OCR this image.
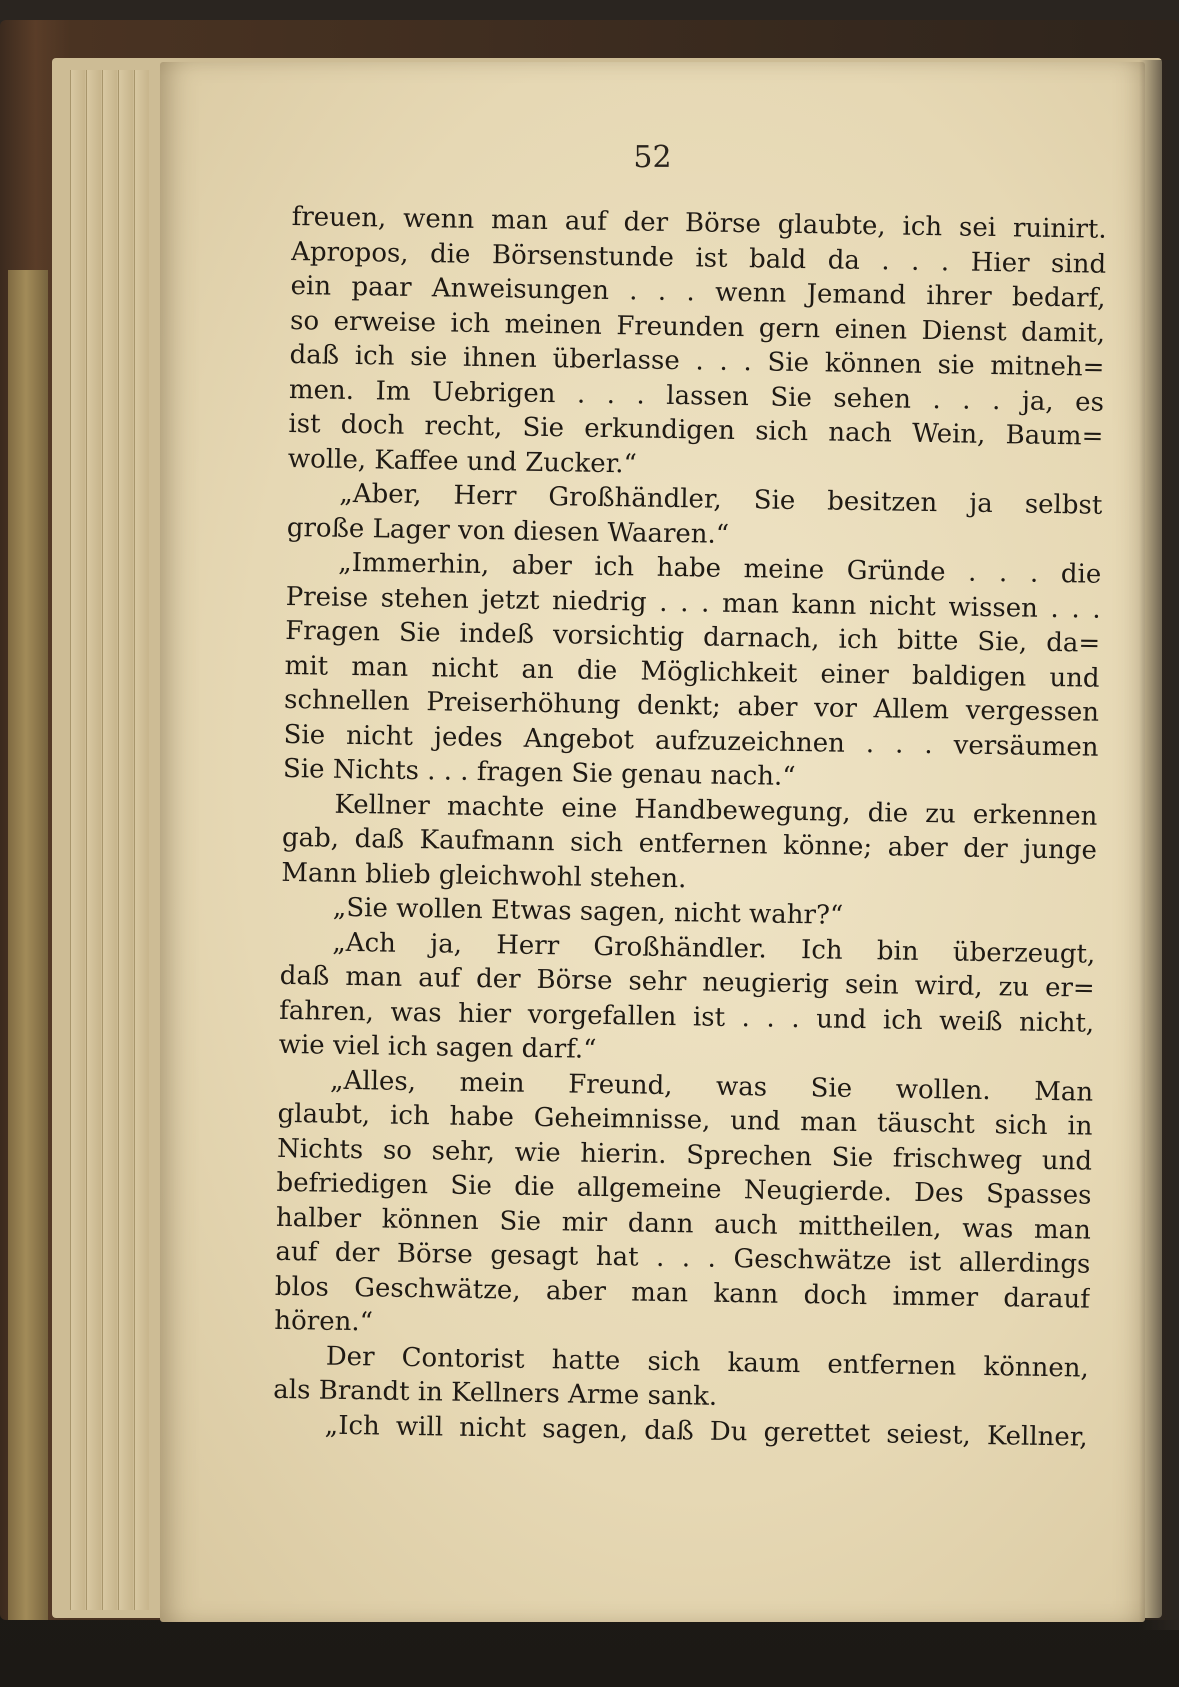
52
freuen, wenn man auf der Börse glaubte, ich sei ruinirt.
Apropos, die Börsenstunde ist bald da . . . Hier sind
ein paar Anweisungen . . . wenn Jemand ihrer bedarf,
so erweise ich meinen Freunden gern einen Dienst damit,
daß ich sie ihnen überlasse . . . Sie können sie mitneh=
men. Im Uebrigen . . . lassen Sie sehen . . . ja, es
ist doch recht, Sie erkundigen sich nach Wein, Baum=
wolle, Kaffee und Zucker.“
„Aber, Herr Großhändler, Sie besitzen ja selbst
große Lager von diesen Waaren.“
„Immerhin, aber ich habe meine Gründe . . . die
Preise stehen jetzt niedrig . . . man kann nicht wissen . . .
Fragen Sie indeß vorsichtig darnach, ich bitte Sie, da=
mit man nicht an die Möglichkeit einer baldigen und
schnellen Preiserhöhung denkt; aber vor Allem vergessen
Sie nicht jedes Angebot aufzuzeichnen . . . versäumen
Sie Nichts . . . fragen Sie genau nach.“
Kellner machte eine Handbewegung, die zu erkennen
gab, daß Kaufmann sich entfernen könne; aber der junge
Mann blieb gleichwohl stehen.
„Sie wollen Etwas sagen, nicht wahr?“
„Ach ja, Herr Großhändler. Ich bin überzeugt,
daß man auf der Börse sehr neugierig sein wird, zu er=
fahren, was hier vorgefallen ist . . . und ich weiß nicht,
wie viel ich sagen darf.“
„Alles, mein Freund, was Sie wollen. Man
glaubt, ich habe Geheimnisse, und man täuscht sich in
Nichts so sehr, wie hierin. Sprechen Sie frischweg und
befriedigen Sie die allgemeine Neugierde. Des Spasses
halber können Sie mir dann auch mittheilen, was man
auf der Börse gesagt hat . . . Geschwätze ist allerdings
blos Geschwätze, aber man kann doch immer darauf
hören.“
Der Contorist hatte sich kaum entfernen können,
als Brandt in Kellners Arme sank.
„Ich will nicht sagen, daß Du gerettet seiest, Kellner,
